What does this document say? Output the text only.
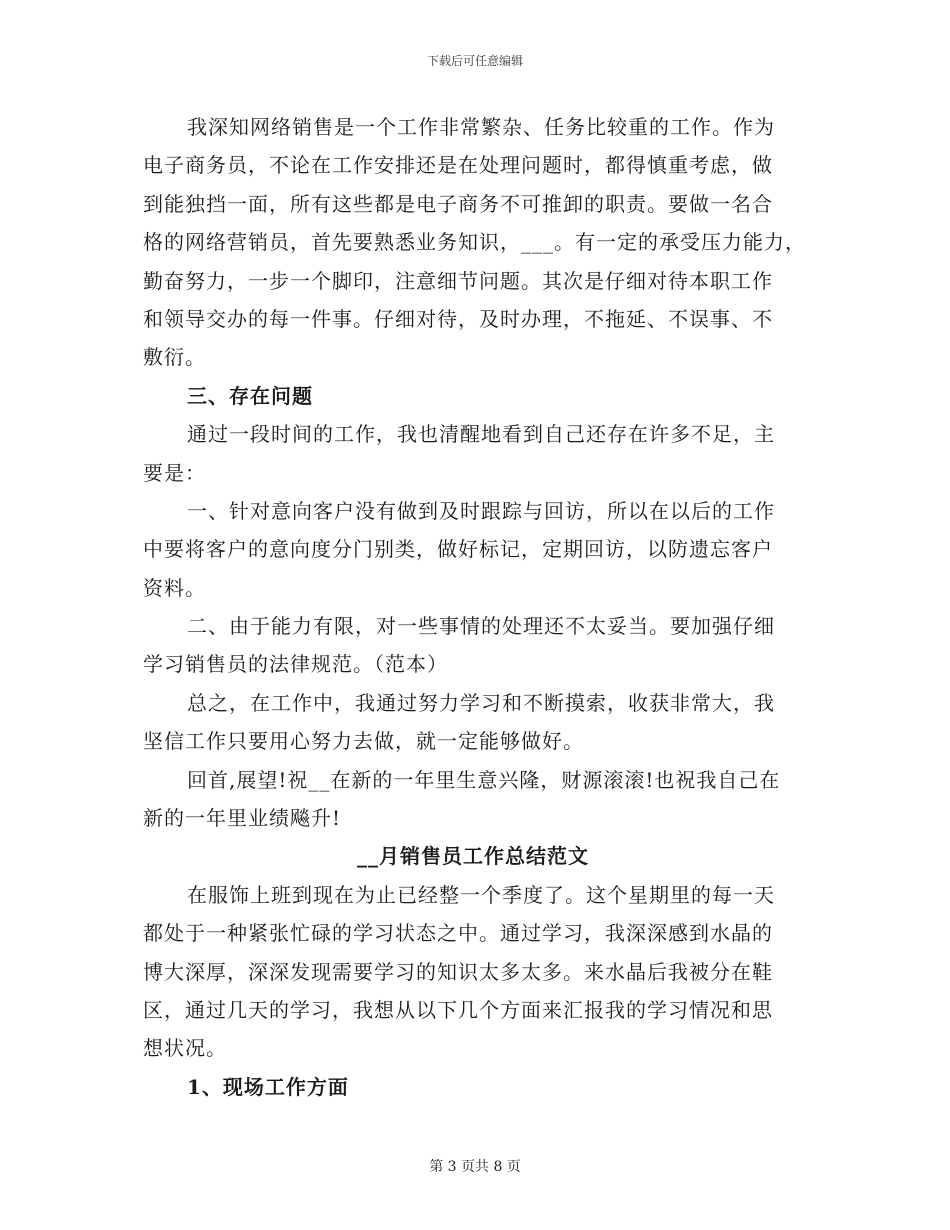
下载后可任意编辑
我深知网络销售是一个工作非常繁杂、任务比较重的工作。作为
电子商务员，不论在工作安排还是在处理问题时，都得慎重考虑，做
到能独挡一面，所有这些都是电子商务不可推卸的职责。要做一名合
格的网络营销员，首先要熟悉业务知识，___。有一定的承受压力能力，
勤奋努力，一步一个脚印，注意细节问题。其次是仔细对待本职工作
和领导交办的每一件事。仔细对待，及时办理，不拖延、不误事、不
敷衍。
三、存在问题
通过一段时间的工作，我也清醒地看到自己还存在许多不足，主
要是：
一、针对意向客户没有做到及时跟踪与回访，所以在以后的工作
中要将客户的意向度分门别类，做好标记，定期回访，以防遗忘客户
资料。
二、由于能力有限，对一些事情的处理还不太妥当。要加强仔细
学习销售员的法律规范。（范本）
总之，在工作中，我通过努力学习和不断摸索，收获非常大，我
坚信工作只要用心努力去做，就一定能够做好。
回首,展望!祝__在新的一年里生意兴隆，财源滚滚!也祝我自己在
新的一年里业绩飚升!
__月销售员工作总结范文
在服饰上班到现在为止已经整一个季度了。这个星期里的每一天
都处于一种紧张忙碌的学习状态之中。通过学习，我深深感到水晶的
博大深厚，深深发现需要学习的知识太多太多。来水晶后我被分在鞋
区，通过几天的学习，我想从以下几个方面来汇报我的学习情况和思
想状况。
1、现场工作方面
第 3 页共 8 页
